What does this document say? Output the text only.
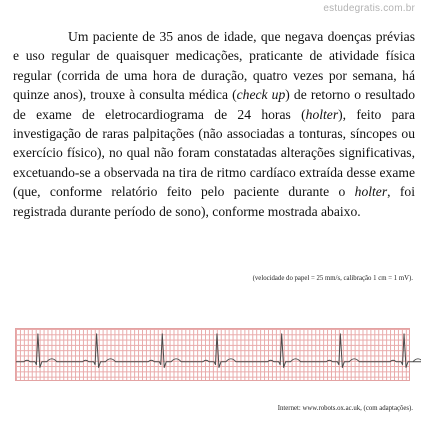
estudegratis.com.br

Um paciente de 35 anos de idade, que negava doenças prévias e uso regular de quaisquer medicações, praticante de atividade física regular (corrida de uma hora de duração, quatro vezes por semana, há quinze anos), trouxe à consulta médica (check up) de retorno o resultado de exame de eletrocardiograma de 24 horas (holter), feito para investigação de raras palpitações (não associadas a tonturas, síncopes ou exercício físico), no qual não foram constatadas alterações significativas, excetuando-se a observada na tira de ritmo cardíaco extraída desse exame (que, conforme relatório feito pelo paciente durante o holter, foi registrada durante período de sono), conforme mostrada abaixo.

(velocidade do papel = 25 mm/s, calibração 1 cm = 1 mV).
Internet: www.robots.ox.ac.uk, (com adaptações).
